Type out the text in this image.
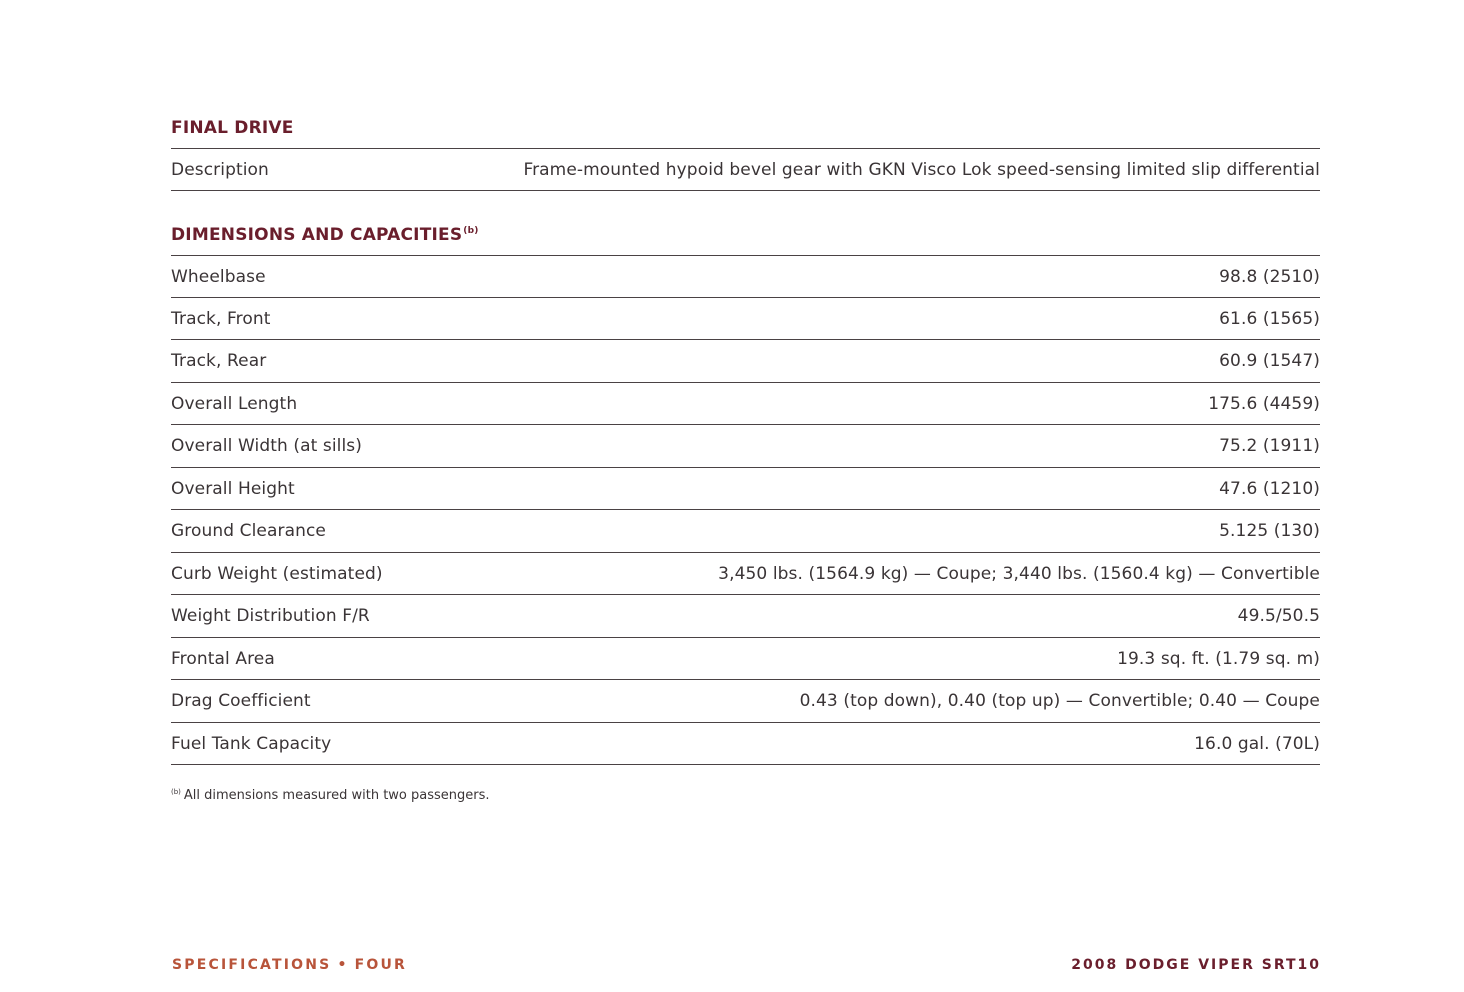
FINAL DRIVE
Description	Frame-mounted hypoid bevel gear with GKN Visco Lok speed-sensing limited slip differential
DIMENSIONS AND CAPACITIES$^{(b)}$
Wheelbase	98.8 (2510)
Track, Front	61.6 (1565)
Track, Rear	60.9 (1547)
Overall Length	175.6 (4459)
Overall Width (at sills)	75.2 (1911)
Overall Height	47.6 (1210)
Ground Clearance	5.125 (130)
Curb Weight (estimated)	3,450 lbs. (1564.9 kg) — Coupe; 3,440 lbs. (1560.4 kg) — Convertible
Weight Distribution F/R	49.5/50.5
Frontal Area	19.3 sq. ft. (1.79 sq. m)
Drag Coefficient	0.43 (top down), 0.40 (top up) — Convertible; 0.40 — Coupe
Fuel Tank Capacity	16.0 gal. (70L)
$^{(b)}$ All dimensions measured with two passengers.
SPECIFICATIONS • FOUR	2008 DODGE VIPER SRT10
